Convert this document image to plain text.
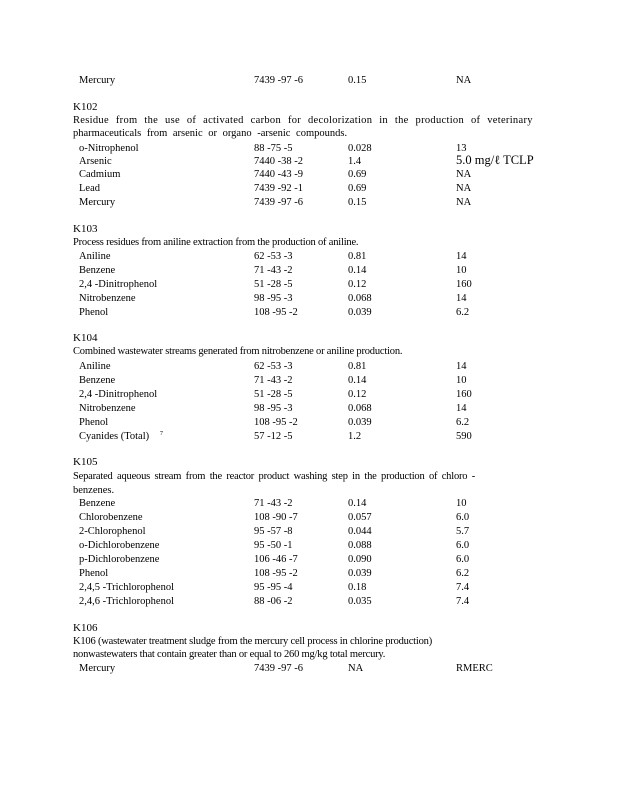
Mercury	7439 -97 -6	0.15	NA
K102
Residue from the use of activated carbon for decolorization in the production of veterinary
pharmaceuticals from arsenic or organo -arsenic compounds.
o-Nitrophenol	88 -75 -5	0.028	13
Arsenic	7440 -38 -2	1.4	5.0 mg/ℓ TCLP
Cadmium	7440 -43 -9	0.69	NA
Lead	7439 -92 -1	0.69	NA
Mercury	7439 -97 -6	0.15	NA
K103
Process residues from aniline extraction from the production of aniline.
Aniline	62 -53 -3	0.81	14
Benzene	71 -43 -2	0.14	10
2,4 -Dinitrophenol	51 -28 -5	0.12	160
Nitrobenzene	98 -95 -3	0.068	14
Phenol	108 -95 -2	0.039	6.2
K104
Combined wastewater streams generated from nitrobenzene or aniline production.
Aniline	62 -53 -3	0.81	14
Benzene	71 -43 -2	0.14	10
2,4 -Dinitrophenol	51 -28 -5	0.12	160
Nitrobenzene	98 -95 -3	0.068	14
Phenol	108 -95 -2	0.039	6.2
Cyanides (Total) 7	57 -12 -5	1.2	590
K105
Separated aqueous stream from the reactor product washing step in the production of chloro -
benzenes.
Benzene	71 -43 -2	0.14	10
Chlorobenzene	108 -90 -7	0.057	6.0
2-Chlorophenol	95 -57 -8	0.044	5.7
o-Dichlorobenzene	95 -50 -1	0.088	6.0
p-Dichlorobenzene	106 -46 -7	0.090	6.0
Phenol	108 -95 -2	0.039	6.2
2,4,5 -Trichlorophenol	95 -95 -4	0.18	7.4
2,4,6 -Trichlorophenol	88 -06 -2	0.035	7.4
K106
K106 (wastewater treatment sludge from the mercury cell process in chlorine production)
nonwastewaters that contain greater than or equal to 260 mg/kg total mercury.
Mercury	7439 -97 -6	NA	RMERC
